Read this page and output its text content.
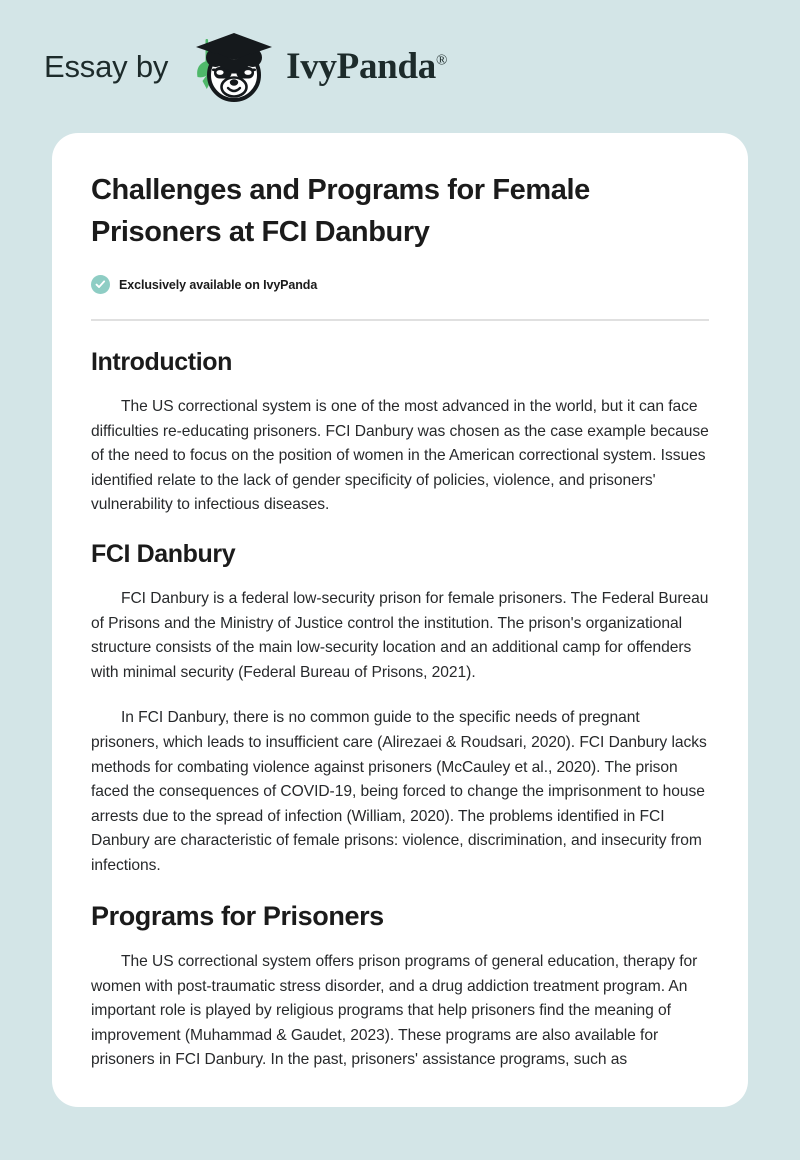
Essay by	IvyPanda®
Challenges and Programs for Female Prisoners at FCI Danbury
Exclusively available on IvyPanda
Introduction

The US correctional system is one of the most advanced in the world, but it can face difficulties re-educating prisoners. FCI Danbury was chosen as the case example because of the need to focus on the position of women in the American correctional system. Issues identified relate to the lack of gender specificity of policies, violence, and prisoners' vulnerability to infectious diseases.

FCI Danbury

FCI Danbury is a federal low-security prison for female prisoners. The Federal Bureau of Prisons and the Ministry of Justice control the institution. The prison's organizational structure consists of the main low-security location and an additional camp for offenders with minimal security (Federal Bureau of Prisons, 2021).

In FCI Danbury, there is no common guide to the specific needs of pregnant prisoners, which leads to insufficient care (Alirezaei & Roudsari, 2020). FCI Danbury lacks methods for combating violence against prisoners (McCauley et al., 2020). The prison faced the consequences of COVID-19, being forced to change the imprisonment to house arrests due to the spread of infection (William, 2020). The problems identified in FCI Danbury are characteristic of female prisons: violence, discrimination, and insecurity from infections.

Programs for Prisoners

The US correctional system offers prison programs of general education, therapy for women with post-traumatic stress disorder, and a drug addiction treatment program. An important role is played by religious programs that help prisoners find the meaning of improvement (Muhammad & Gaudet, 2023). These programs are also available for prisoners in FCI Danbury. In the past, prisoners' assistance programs, such as
